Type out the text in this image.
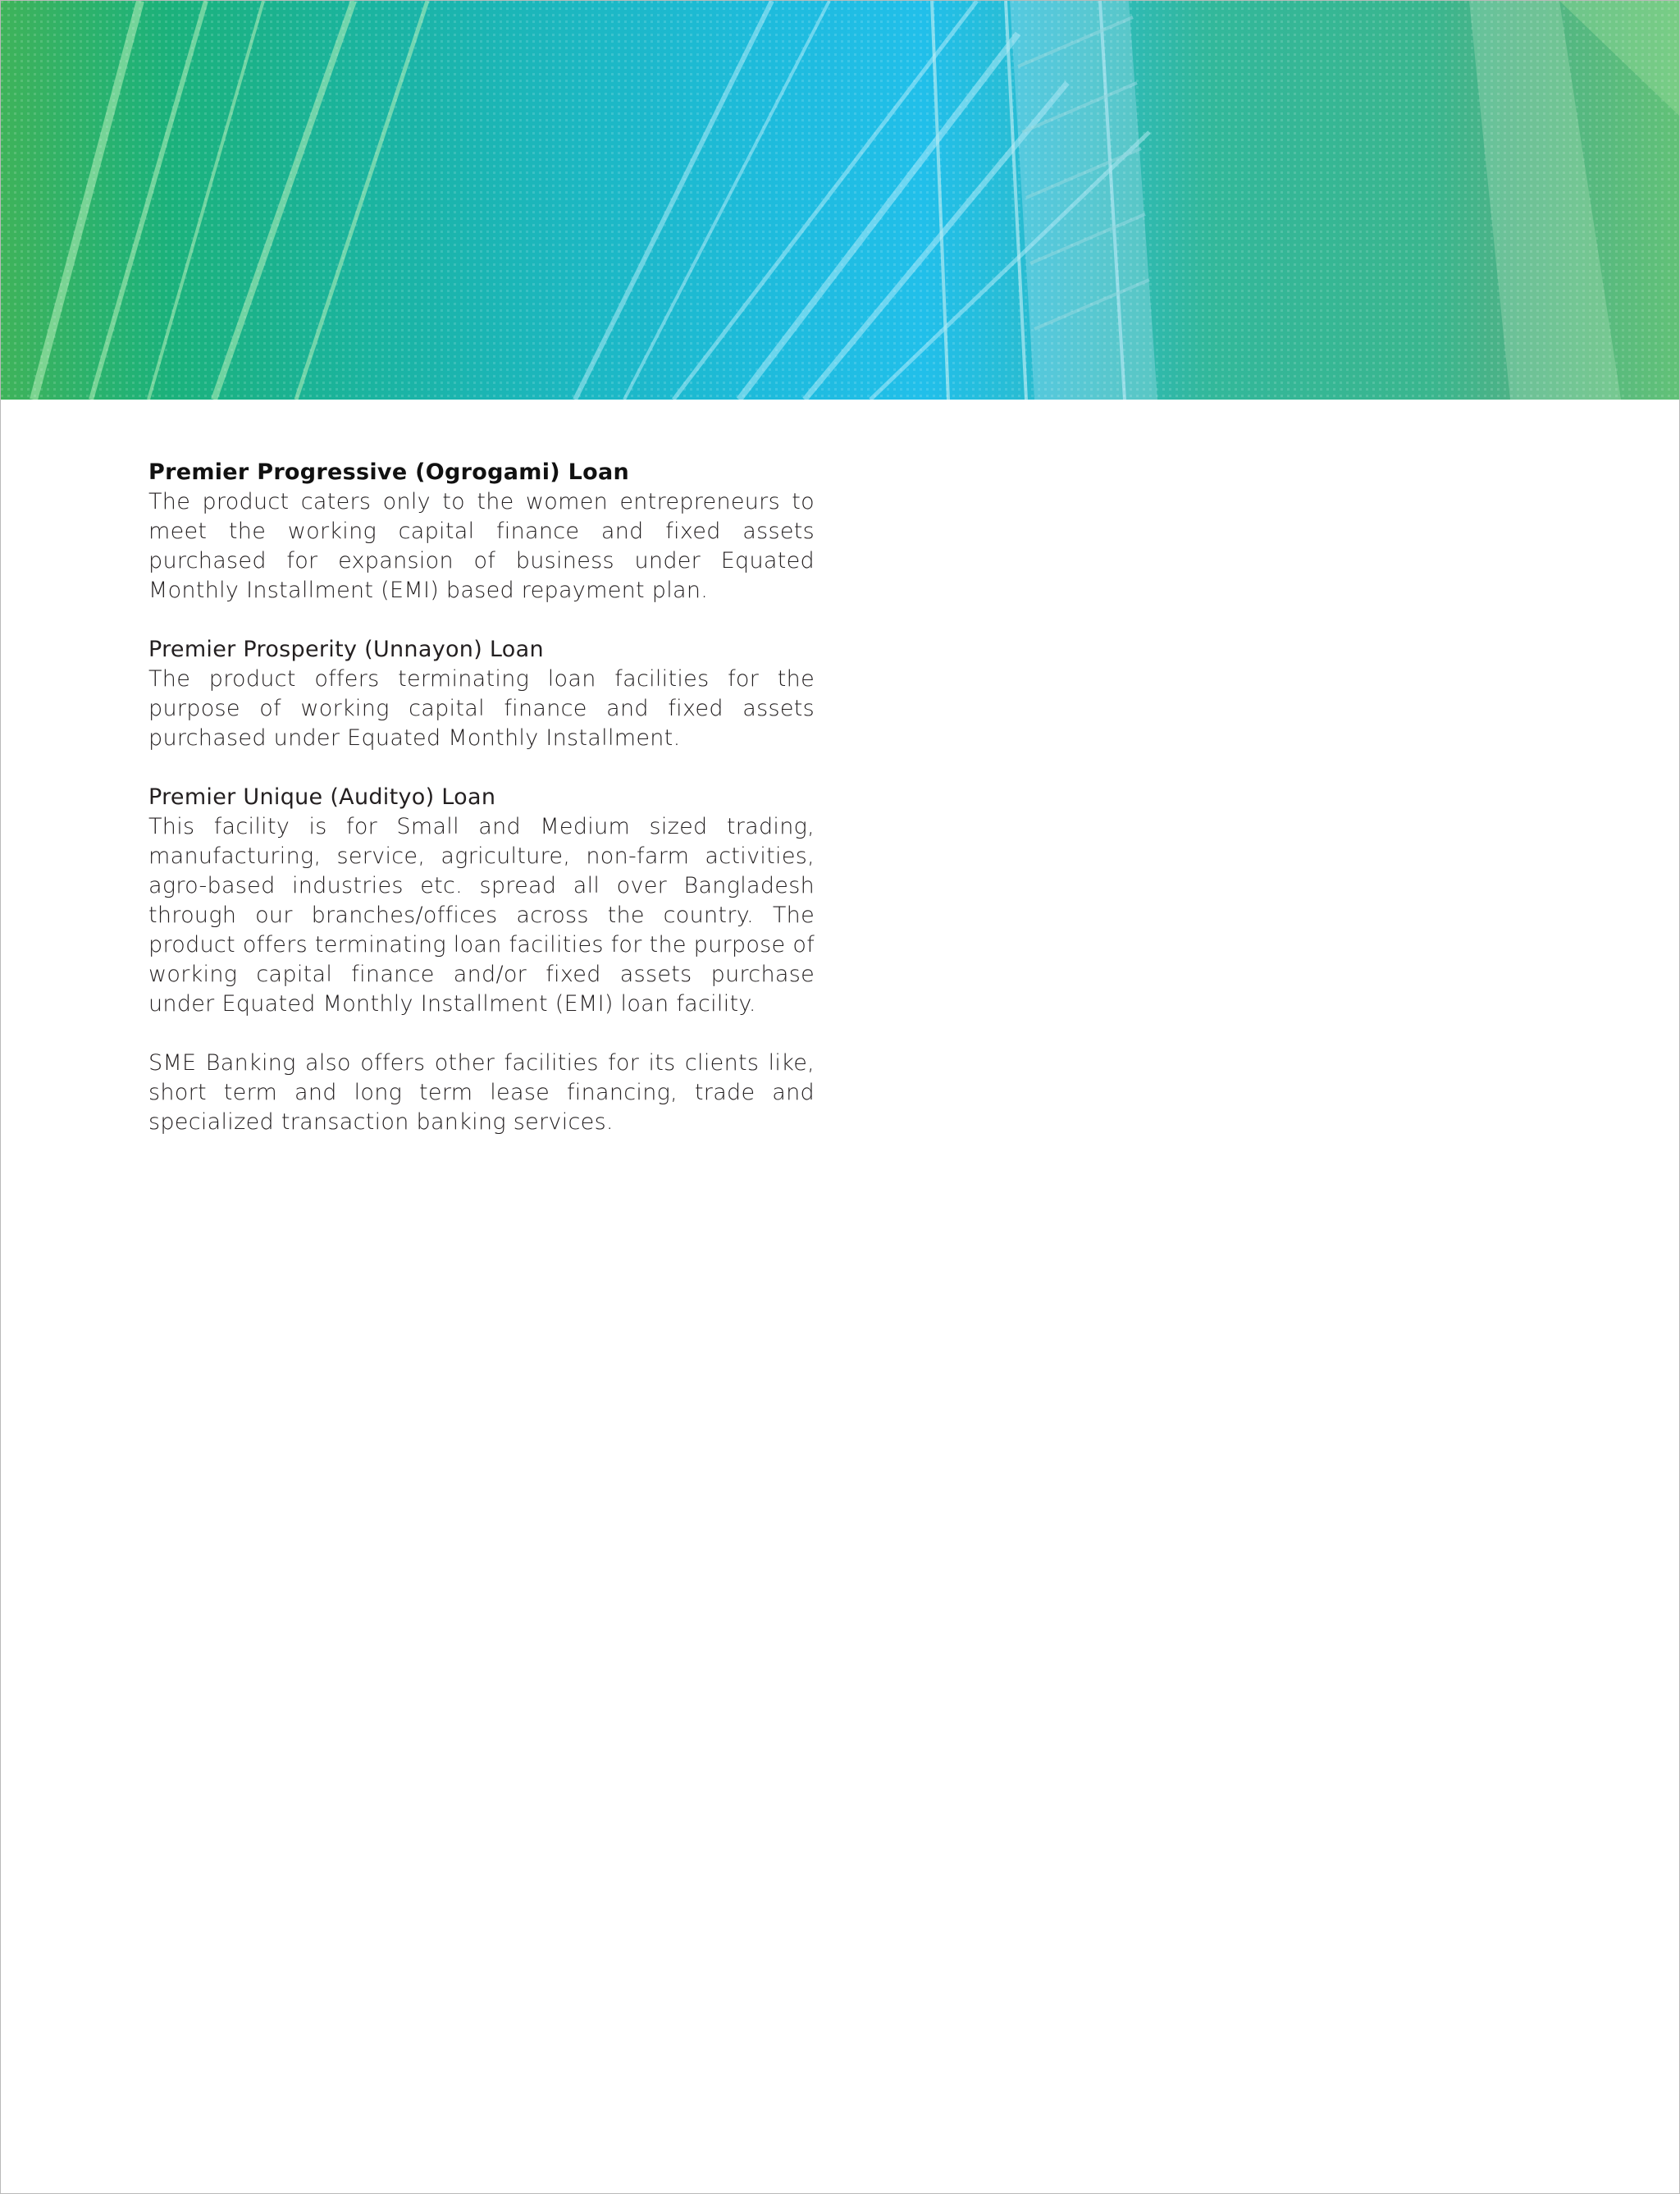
Premier Progressive (Ogrogami) Loan
The product caters only to the women entrepreneurs to meet the working capital finance and fixed assets purchased for expansion of business under Equated Monthly Installment (EMI) based repayment plan.
Premier Prosperity (Unnayon) Loan
The product offers terminating loan facilities for the purpose of working capital finance and fixed assets purchased under Equated Monthly Installment.
Premier Unique (Audityo) Loan
This facility is for Small and Medium sized trading, manufacturing, service, agriculture, non-farm activities, agro-based industries etc. spread all over Bangladesh through our branches/offices across the country. The product offers terminating loan facilities for the purpose of working capital finance and/or fixed assets purchase under Equated Monthly Installment (EMI) loan facility.
SME Banking also offers other facilities for its clients like, short term and long term lease financing, trade and specialized transaction banking services.
